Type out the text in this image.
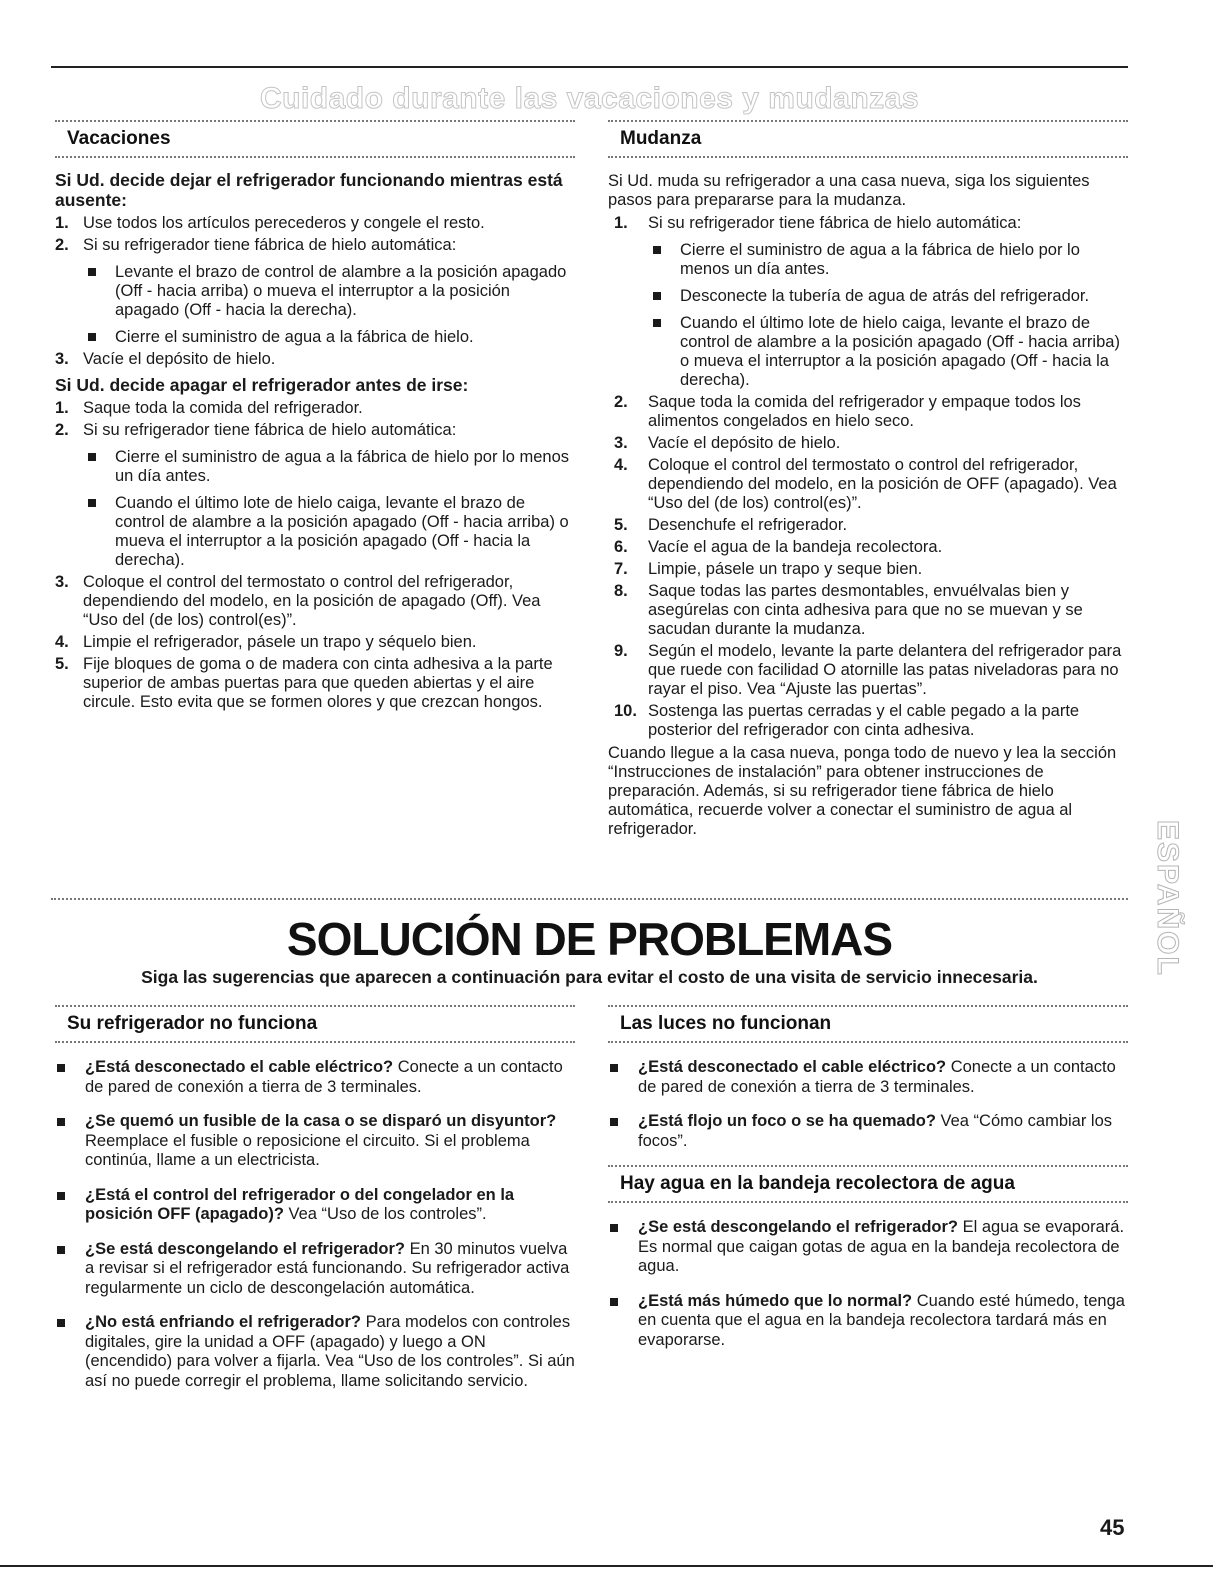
Cuidado durante las vacaciones y mudanzas
Vacaciones
Si Ud. decide dejar el refrigerador funcionando mientras está ausente:
1. Use todos los artículos perecederos y congele el resto.
2. Si su refrigerador tiene fábrica de hielo automática:
Levante el brazo de control de alambre a la posición apagado (Off - hacia arriba) o mueva el interruptor a la posición apagado (Off - hacia la derecha).
Cierre el suministro de agua a la fábrica de hielo.
3. Vacíe el depósito de hielo.
Si Ud. decide apagar el refrigerador antes de irse:
1. Saque toda la comida del refrigerador.
2. Si su refrigerador tiene fábrica de hielo automática:
Cierre el suministro de agua a la fábrica de hielo por lo menos un día antes.
Cuando el último lote de hielo caiga, levante el brazo de control de alambre a la posición apagado (Off - hacia arriba) o mueva el interruptor a la posición apagado (Off - hacia la derecha).
3. Coloque el control del termostato o control del refrigerador, dependiendo del modelo, en la posición de apagado (Off). Vea “Uso del (de los) control(es)”.
4. Limpie el refrigerador, pásele un trapo y séquelo bien.
5. Fije bloques de goma o de madera con cinta adhesiva a la parte superior de ambas puertas para que queden abiertas y el aire circule. Esto evita que se formen olores y que crezcan hongos.
Mudanza

Si Ud. muda su refrigerador a una casa nueva, siga los siguientes pasos para prepararse para la mudanza.

1. Si su refrigerador tiene fábrica de hielo automática:
Cierre el suministro de agua a la fábrica de hielo por lo menos un día antes.
Desconecte la tubería de agua de atrás del refrigerador.
Cuando el último lote de hielo caiga, levante el brazo de control de alambre a la posición apagado (Off - hacia arriba) o mueva el interruptor a la posición apagado (Off - hacia la derecha).
2. Saque toda la comida del refrigerador y empaque todos los alimentos congelados en hielo seco.
3. Vacíe el depósito de hielo.
4. Coloque el control del termostato o control del refrigerador, dependiendo del modelo, en la posición de OFF (apagado). Vea “Uso del (de los) control(es)”.
5. Desenchufe el refrigerador.
6. Vacíe el agua de la bandeja recolectora.
7. Limpie, pásele un trapo y seque bien.
8. Saque todas las partes desmontables, envuélvalas bien y asegúrelas con cinta adhesiva para que no se muevan y se sacudan durante la mudanza.
9. Según el modelo, levante la parte delantera del refrigerador para que ruede con facilidad O atornille las patas niveladoras para no rayar el piso. Vea “Ajuste las puertas”.
10. Sostenga las puertas cerradas y el cable pegado a la parte posterior del refrigerador con cinta adhesiva.

Cuando llegue a la casa nueva, ponga todo de nuevo y lea la sección “Instrucciones de instalación” para obtener instrucciones de preparación. Además, si su refrigerador tiene fábrica de hielo automática, recuerde volver a conectar el suministro de agua al refrigerador.	ESPAÑOL
SOLUCIÓN DE PROBLEMAS
Siga las sugerencias que aparecen a continuación para evitar el costo de una visita de servicio innecesaria.
Su refrigerador no funciona
¿Está desconectado el cable eléctrico? Conecte a un contacto de pared de conexión a tierra de 3 terminales.
¿Se quemó un fusible de la casa o se disparó un disyuntor? Reemplace el fusible o reposicione el circuito. Si el problema continúa, llame a un electricista.
¿Está el control del refrigerador o del congelador en la posición OFF (apagado)? Vea “Uso de los controles”.
¿Se está descongelando el refrigerador? En 30 minutos vuelva a revisar si el refrigerador está funcionando. Su refrigerador activa regularmente un ciclo de descongelación automática.
¿No está enfriando el refrigerador? Para modelos con controles digitales, gire la unidad a OFF (apagado) y luego a ON (encendido) para volver a fijarla. Vea “Uso de los controles”. Si aún así no puede corregir el problema, llame solicitando servicio.
Las luces no funcionan
¿Está desconectado el cable eléctrico? Conecte a un contacto de pared de conexión a tierra de 3 terminales.
¿Está flojo un foco o se ha quemado? Vea “Cómo cambiar los focos”.
Hay agua en la bandeja recolectora de agua
¿Se está descongelando el refrigerador? El agua se evaporará. Es normal que caigan gotas de agua en la bandeja recolectora de agua.
¿Está más húmedo que lo normal? Cuando esté húmedo, tenga en cuenta que el agua en la bandeja recolectora tardará más en evaporarse.
45
